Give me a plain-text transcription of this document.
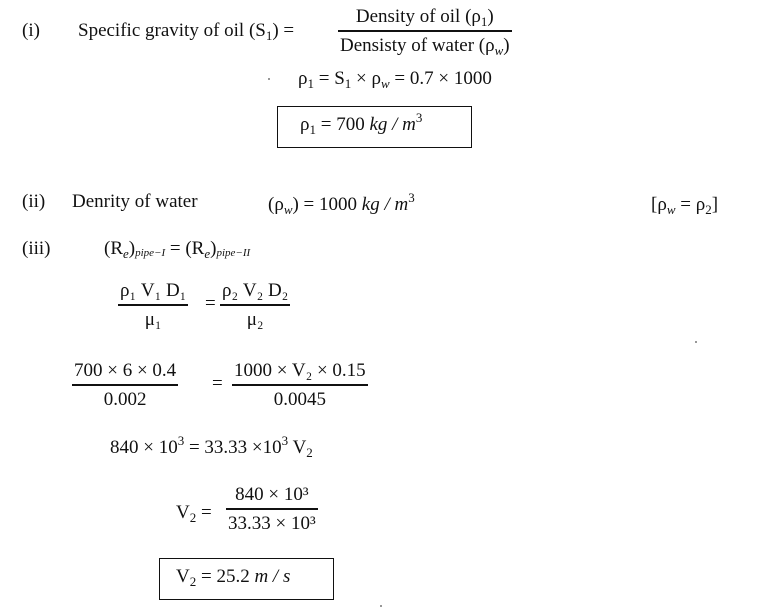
(i) Specific gravity of oil $(S_1)$ =
Density of oil $(\rho_1)$
Densisty of water $(\rho_w)$
$\rho_1 = S_1 \times \rho_w = 0.7 \times 1000$
$\rho_1 = 700$ kg / $m^3$
(ii) Denrity of water	$(\rho_w) = 1000$ kg / $m^3$	$[\rho_w = \rho_2]$
(iii)	$(R_e)pipe-I$ = $(R_e)pipe-II$
ρ₁ V₁ D₁
μ₁
=
ρ₂ V₂ D₂
μ₂
700 × 6 × 0.4
0.002
=
1000 × V₂ × 0.15
0.0045
$840 \times 10^3 = 33.33 \times 10^3$ $V_2$
$V_2$ =
840 × 10³
33.33 × 10³
$V_2 = 25.2$ m / s
